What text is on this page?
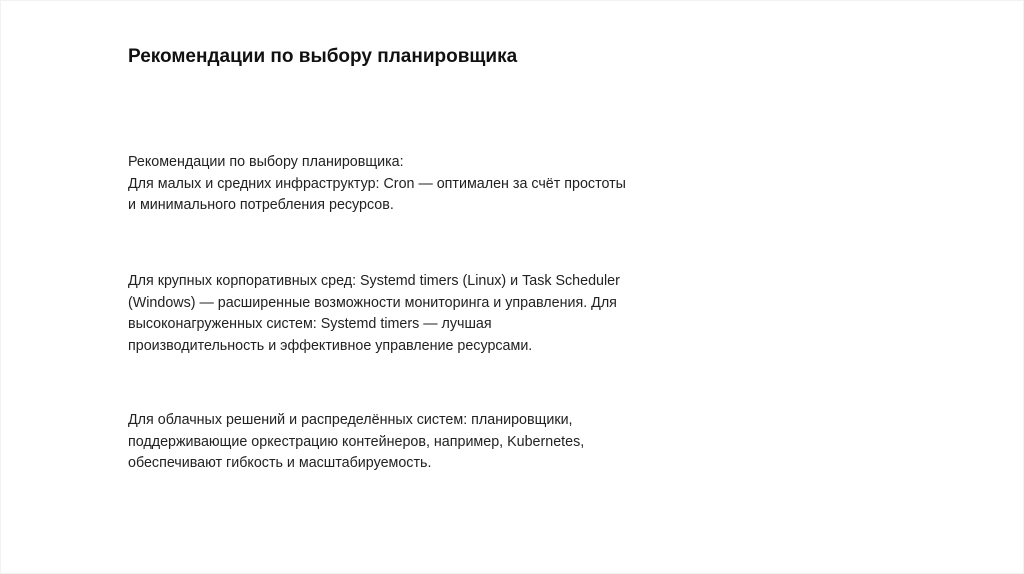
Рекомендации по выбору планировщика
Рекомендации по выбору планировщика:
Для малых и средних инфраструктур: Cron — оптимален за счёт простоты
и минимального потребления ресурсов.
Для крупных корпоративных сред: Systemd timers (Linux) и Task Scheduler
(Windows) — расширенные возможности мониторинга и управления. Для
высоконагруженных систем: Systemd timers — лучшая
производительность и эффективное управление ресурсами.
Для облачных решений и распределённых систем: планировщики,
поддерживающие оркестрацию контейнеров, например, Kubernetes,
обеспечивают гибкость и масштабируемость.
